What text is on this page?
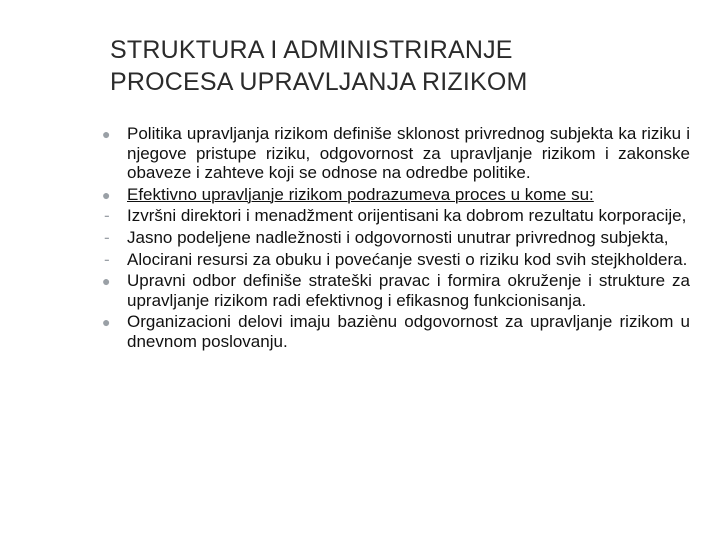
STRUKTURA I ADMINISTRIRANJE
PROCESA UPRAVLJANJA RIZIKOM

● Politika upravljanja rizikom definiše sklonost privrednog subjekta ka riziku i njegove pristupe riziku, odgovornost za upravljanje rizikom i zakonske obaveze i zahteve koji se odnose na odredbe politike.

● Efektivno upravljanje rizikom podrazumeva proces u kome su:

- Izvršni direktori i menadžment orijentisani ka dobrom rezultatu korporacije,

- Jasno podeljene nadležnosti i odgovornosti unutrar privrednog subjekta,

- Alocirani resursi za obuku i povećanje svesti o riziku kod svih stejkholdera.

● Upravni odbor definiše strateški pravac i formira okruženje i strukture za upravljanje rizikom radi efektivnog i efikasnog funkcionisanja.

● Organizacioni delovi imaju baziènu odgovornost za upravljanje rizikom u dnevnom poslovanju.
